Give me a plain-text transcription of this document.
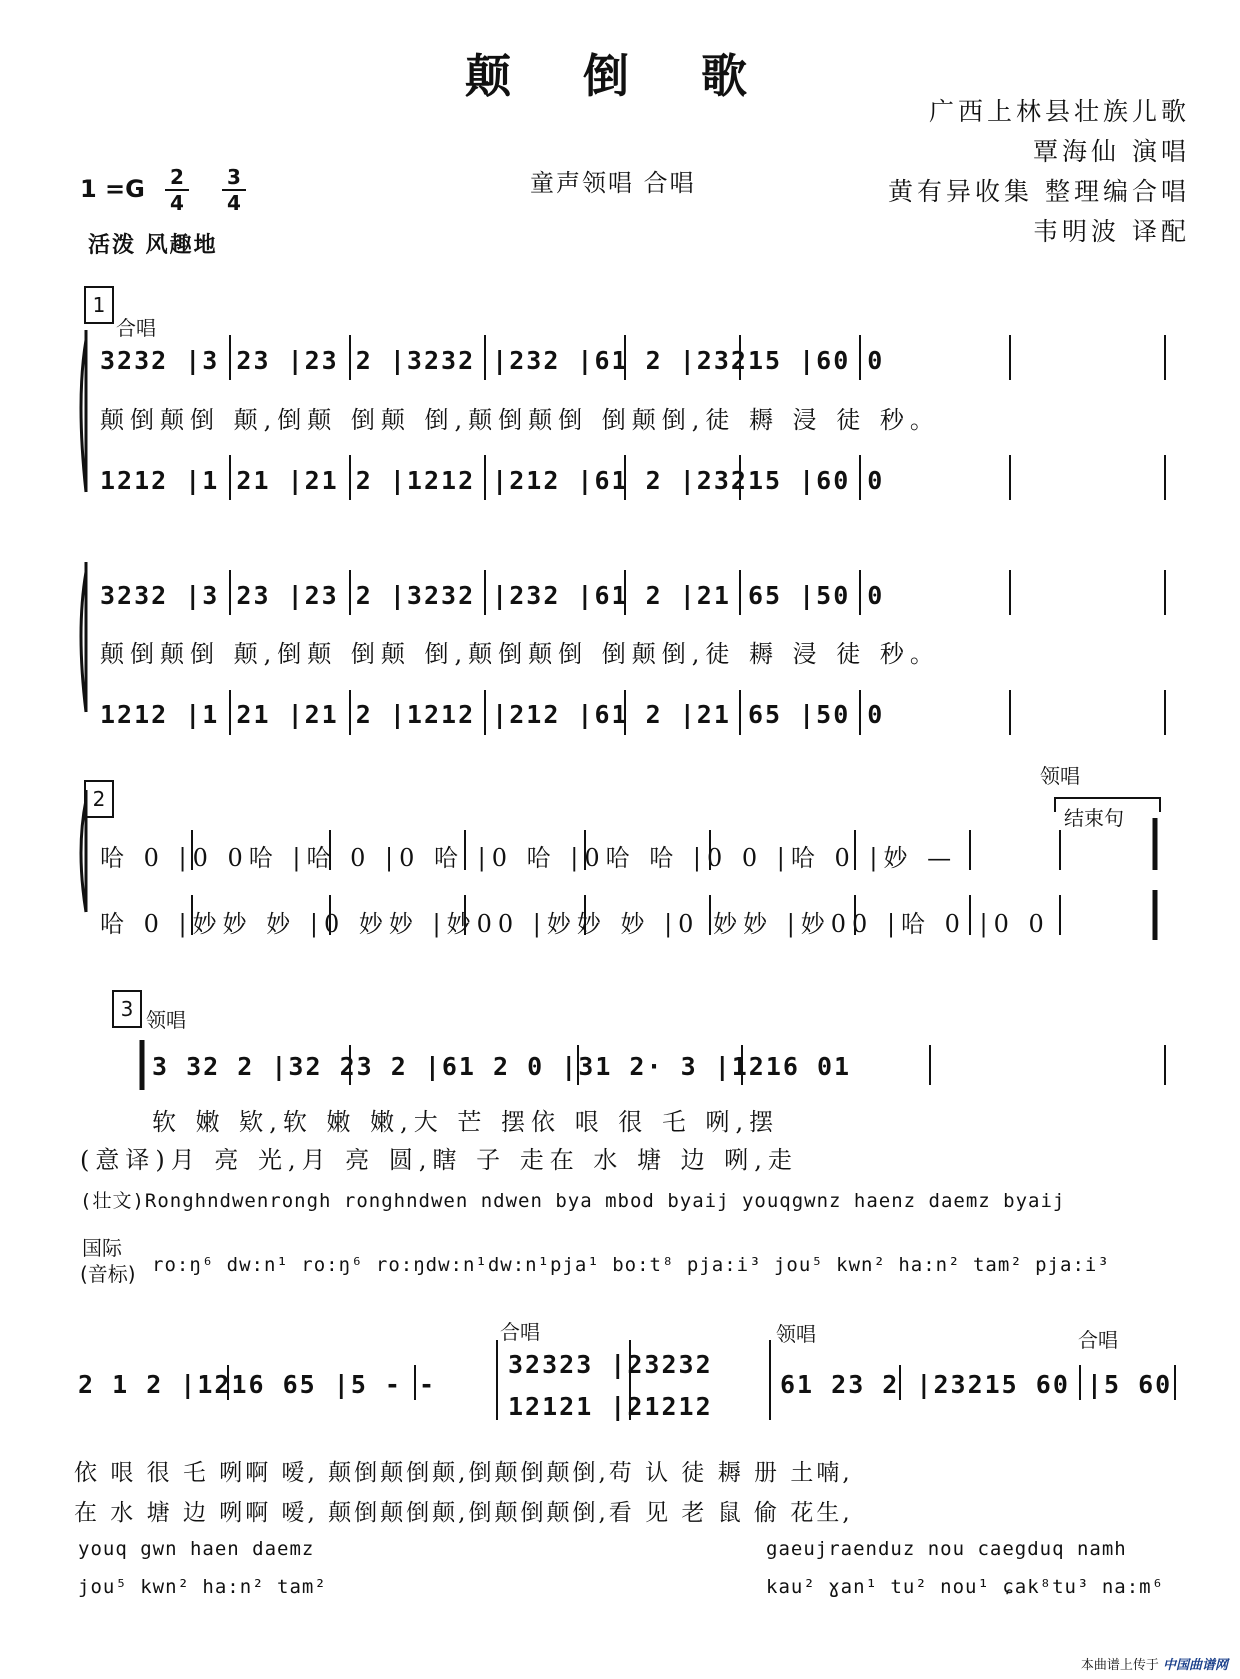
颠 倒 歌
广西上林县壮族儿歌
覃海仙 演唱
黄有异收集 整理编合唱
韦明波 译配
$1 =G \frac{2}{4} \frac{3}{4}$	童声领唱 合唱
活泼 风趣地
1
合唱
3232 |3 23 |23 2 |3232 |232 |61 2 |23215 |60 0
颠倒颠倒 颠,倒颠 倒颠 倒,颠倒颠倒 倒颠倒,徒 耨 浸 徒 秒。
1212 |1 21 |21 2 |1212 |212 |61 2 |23215 |60 0
3232 |3 23 |23 2 |3232 |232 |61 2 |21 65 |50 0
颠倒颠倒 颠,倒颠 倒颠 倒,颠倒颠倒 倒颠倒,徒 耨 浸 徒 秒。
1212 |1 21 |21 2 |1212 |212 |61 2 |21 65 |50 0
2
领唱
结束句
哈 0 |0 0哈 |哈 0 |0 哈 |0 哈 |0哈 哈 |0 0 |哈 0 |妙 —
哈 0 |妙妙 妙 |0 妙妙 |妙00 |妙妙 妙 |0 妙妙 |妙00 |哈 0 |0 0
3 领唱
3 32 2 |32 23 2 |61 2 0 |31 2· 3 |1216 01
软 嫩 欵,软 嫩 嫩,大 芒 摆依 哏 很 乇 咧,摆
(意译)月 亮 光,月 亮 圆,瞎 子 走在 水 塘 边 咧,走
(壮文)Ronghndwenrongh ronghndwen ndwen bya mbod byaij youqgwnz haenz daemz byaij
国际
(音标) ro:ŋ⁶ dw:n¹ ro:ŋ⁶ ro:ŋdw:n¹dw:n¹pja¹ bo:t⁸ pja:i³ jou⁵ kwn² ha:n² tam² pja:i³
合唱	领唱	合唱
2 1 2 |1216 65 |5 - -
32323 |23232
12121 |21212
61 23 2 |23215 60 |5 60
依 哏 很 乇 咧啊 嗳, 颠倒颠倒颠,倒颠倒颠倒,苟 认 徒 耨 册 土喃,
在 水 塘 边 咧啊 嗳, 颠倒颠倒颠,倒颠倒颠倒,看 见 老 鼠 偷 花生,
youq gwn haen daemz	gaeujraenduz nou caegduq namh
jou⁵ kwn² ha:n² tam²	kau² ɣan¹ tu² nou¹ ɕak⁸tu³ na:m⁶
本曲谱上传于 中国曲谱网
